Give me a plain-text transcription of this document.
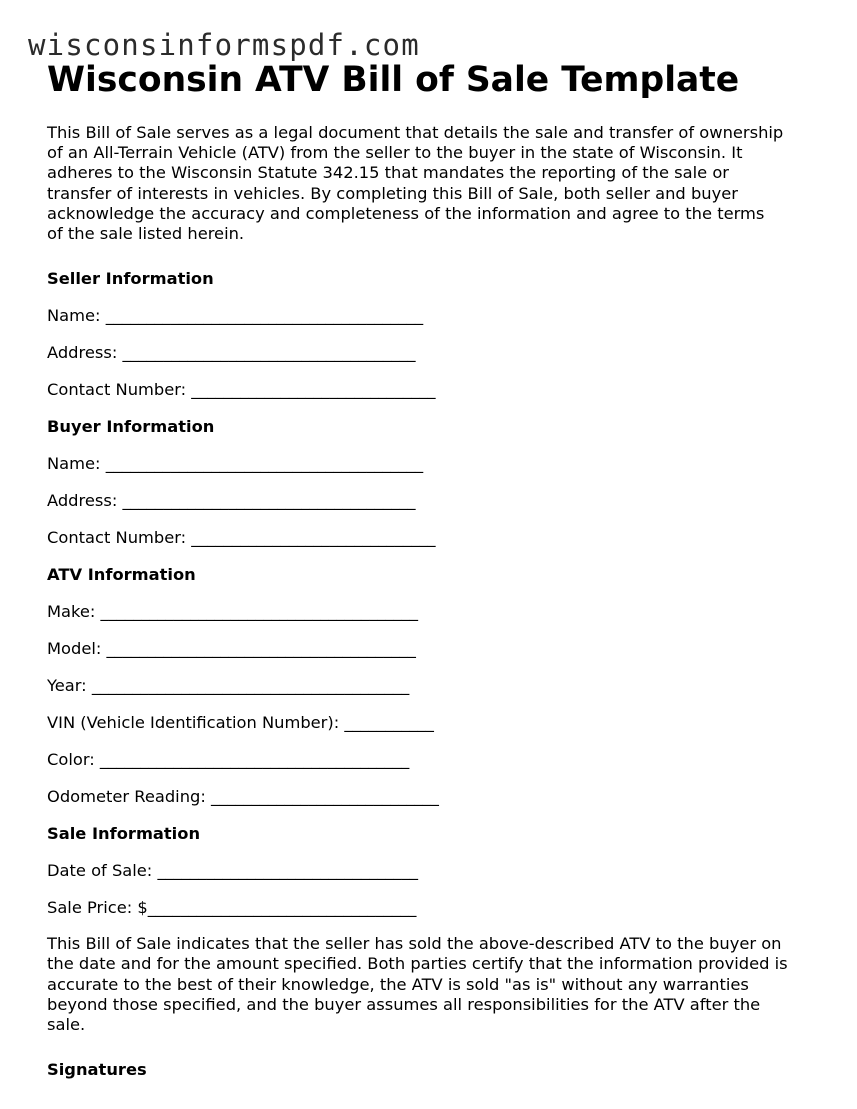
wisconsinformspdf.com
Wisconsin ATV Bill of Sale Template
This Bill of Sale serves as a legal document that details the sale and transfer of ownership
of an All-Terrain Vehicle (ATV) from the seller to the buyer in the state of Wisconsin. It
adheres to the Wisconsin Statute 342.15 that mandates the reporting of the sale or
transfer of interests in vehicles. By completing this Bill of Sale, both seller and buyer
acknowledge the accuracy and completeness of the information and agree to the terms
of the sale listed herein.
Seller Information
Name: _______________________________________
Address: ____________________________________
Contact Number: ______________________________
Buyer Information
Name: _______________________________________
Address: ____________________________________
Contact Number: ______________________________
ATV Information
Make: _______________________________________
Model: ______________________________________
Year: _______________________________________
VIN (Vehicle Identification Number): ___________
Color: ______________________________________
Odometer Reading: ____________________________
Sale Information
Date of Sale: ________________________________
Sale Price: $_________________________________
This Bill of Sale indicates that the seller has sold the above-described ATV to the buyer on
the date and for the amount specified. Both parties certify that the information provided is
accurate to the best of their knowledge, the ATV is sold "as is" without any warranties
beyond those specified, and the buyer assumes all responsibilities for the ATV after the
sale.
Signatures
